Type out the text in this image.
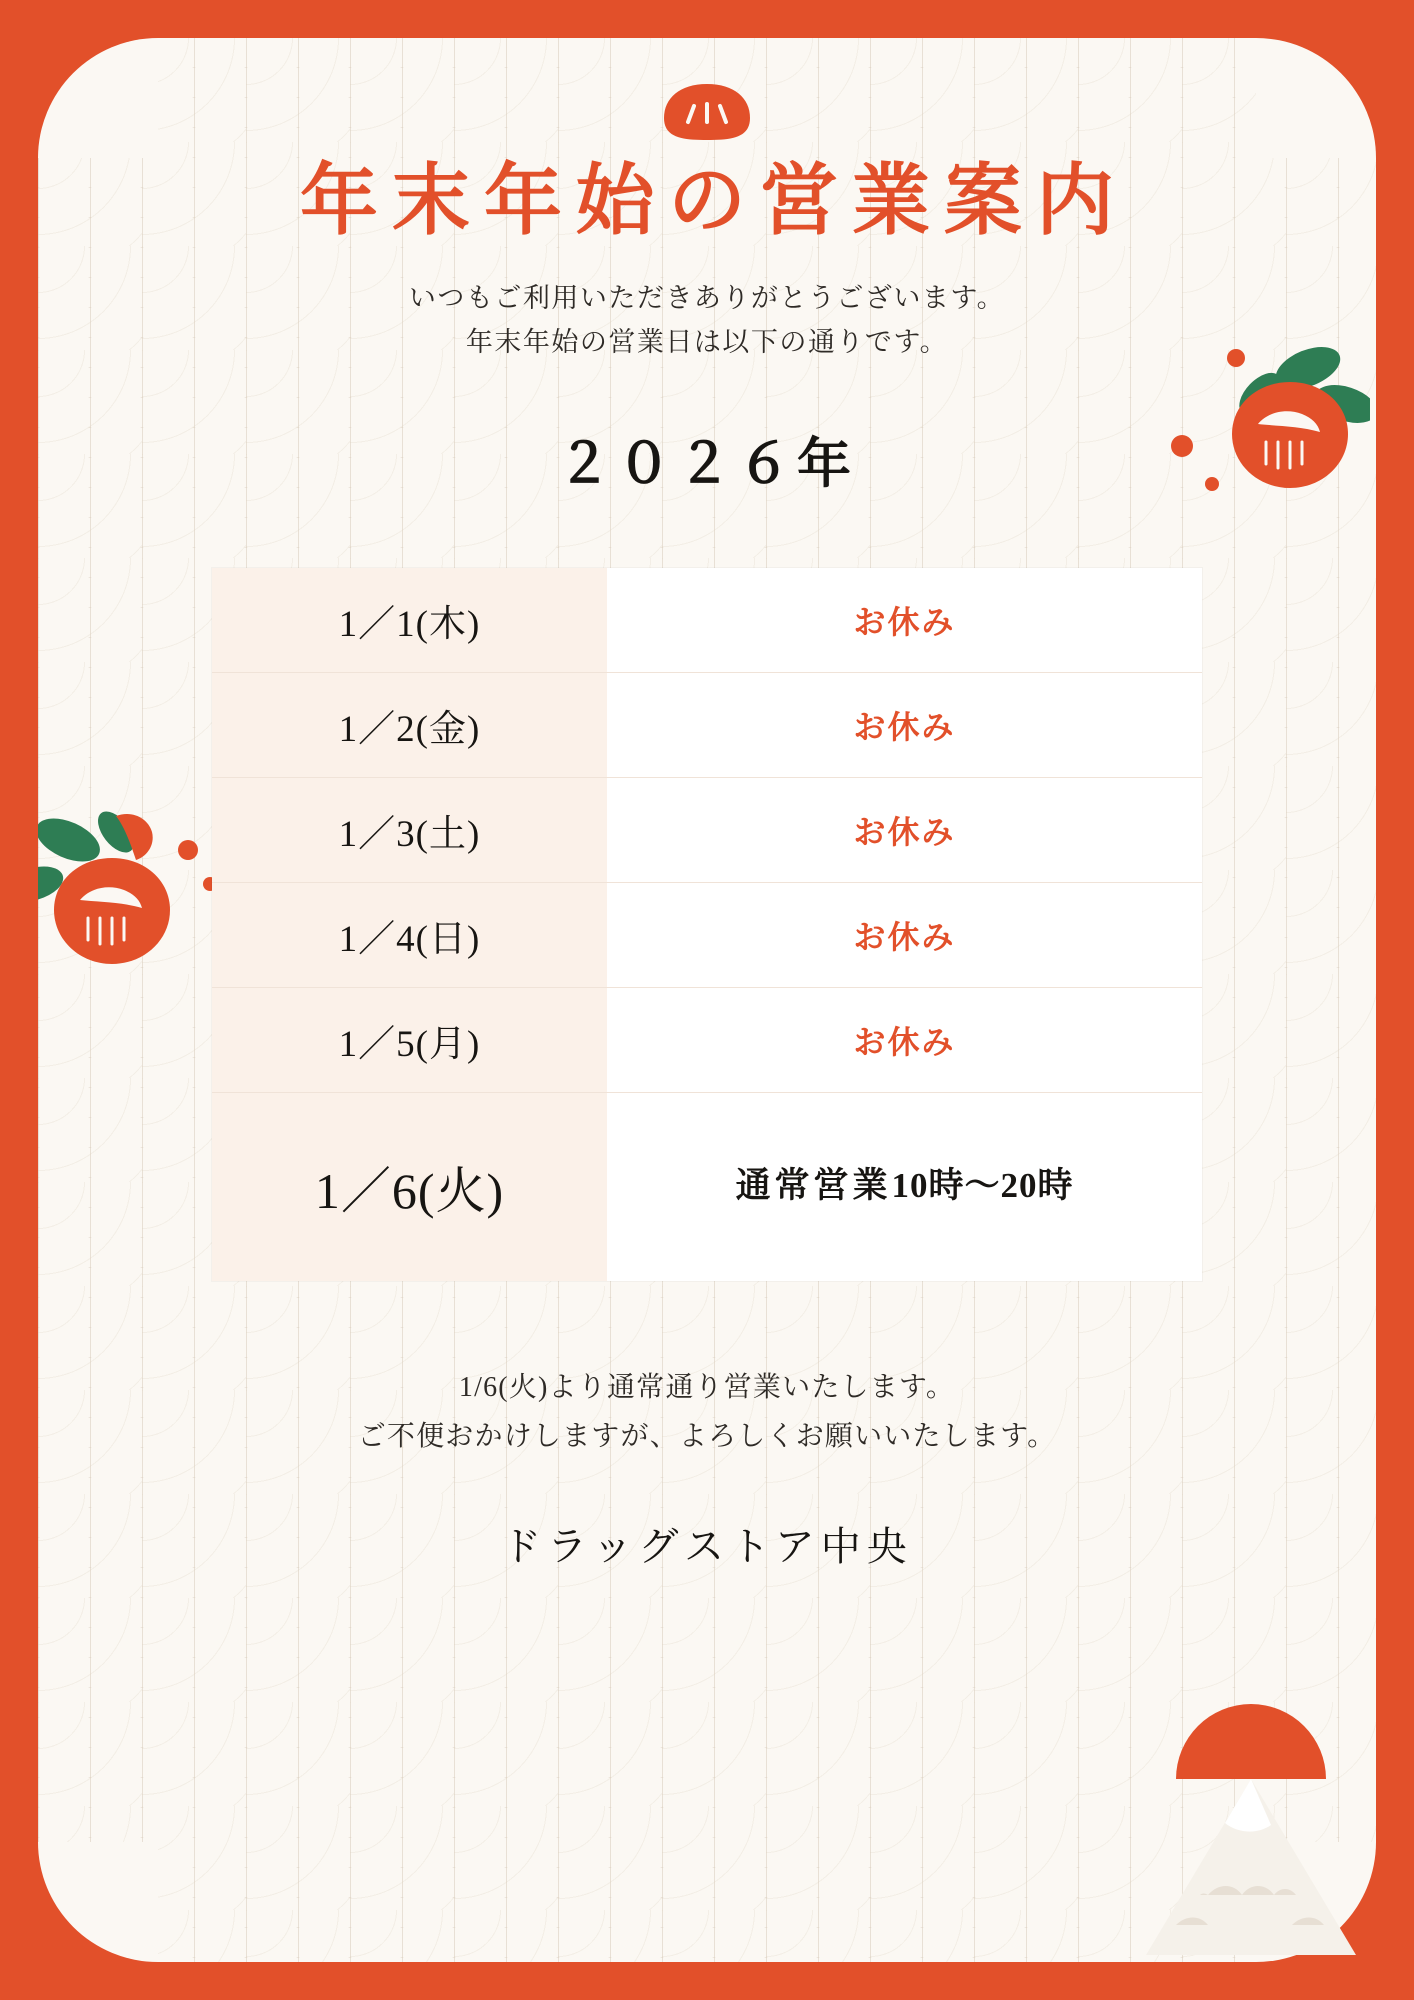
年末年始の営業案内
いつもご利用いただきありがとうございます。
年末年始の営業日は以下の通りです。
２０２６年
1／1(木)	お休み
1／2(金)	お休み
1／3(土)	お休み
1／4(日)	お休み
1／5(月)	お休み
1／6(火)	通常営業 10時〜20時
1/6(火)より通常通り営業いたします。
ご不便おかけしますが、よろしくお願いいたします。
ドラッグストア中央
